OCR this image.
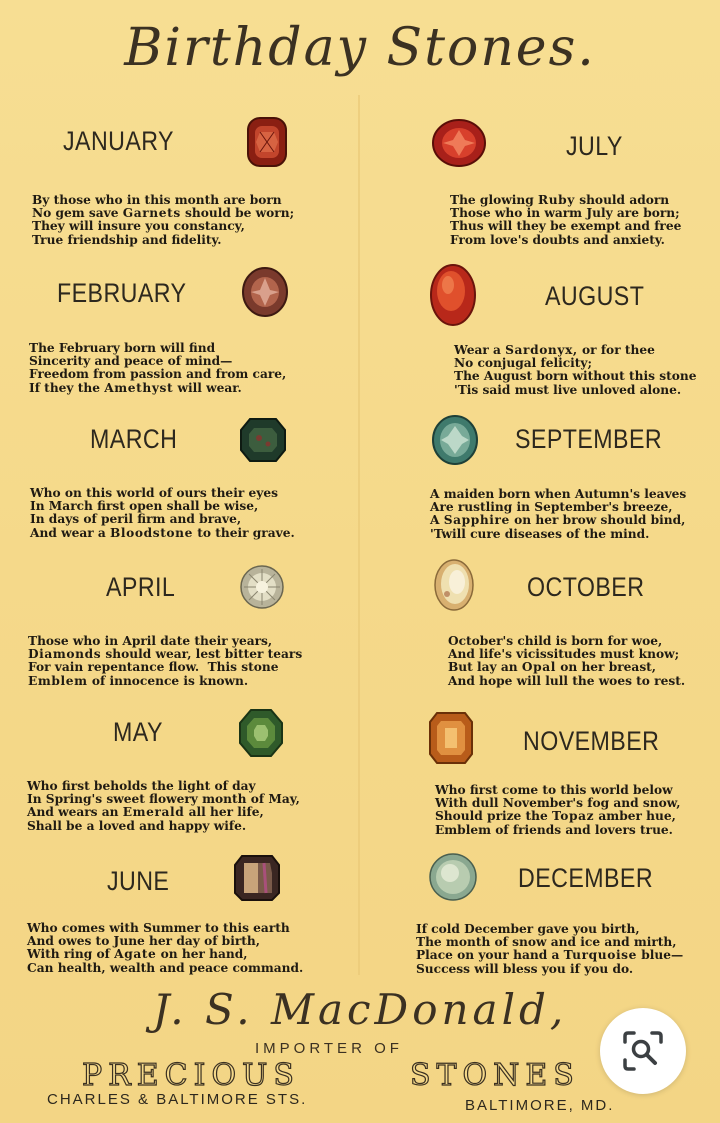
Birthday Stones.
JANUARY
By those who in this month are born
No gem save Garnets should be worn;
They will insure you constancy,
True friendship and fidelity.
FEBRUARY
The February born will find
Sincerity and peace of mind—
Freedom from passion and from care,
If they the Amethyst will wear.
MARCH
Who on this world of ours their eyes
In March first open shall be wise,
In days of peril firm and brave,
And wear a Bloodstone to their grave.
APRIL
Those who in April date their years,
Diamonds should wear, lest bitter tears
For vain repentance flow.  This stone
Emblem of innocence is known.
MAY
Who first beholds the light of day
In Spring's sweet flowery month of May,
And wears an Emerald all her life,
Shall be a loved and happy wife.
JUNE
Who comes with Summer to this earth
And owes to June her day of birth,
With ring of Agate on her hand,
Can health, wealth and peace command.
JULY
The glowing Ruby should adorn
Those who in warm July are born;
Thus will they be exempt and free
From love's doubts and anxiety.
AUGUST
Wear a Sardonyx, or for thee
No conjugal felicity;
The August born without this stone
'Tis said must live unloved alone.
SEPTEMBER
A maiden born when Autumn's leaves
Are rustling in September's breeze,
A Sapphire on her brow should bind,
'Twill cure diseases of the mind.
OCTOBER
October's child is born for woe,
And life's vicissitudes must know;
But lay an Opal on her breast,
And hope will lull the woes to rest.
NOVEMBER
Who first come to this world below
With dull November's fog and snow,
Should prize the Topaz amber hue,
Emblem of friends and lovers true.
DECEMBER
If cold December gave you birth,
The month of snow and ice and mirth,
Place on your hand a Turquoise blue—
Success will bless you if you do.
J. S. MacDonald,
IMPORTER OF
PRECIOUS	STONES
CHARLES & BALTIMORE STS.	BALTIMORE, MD.
